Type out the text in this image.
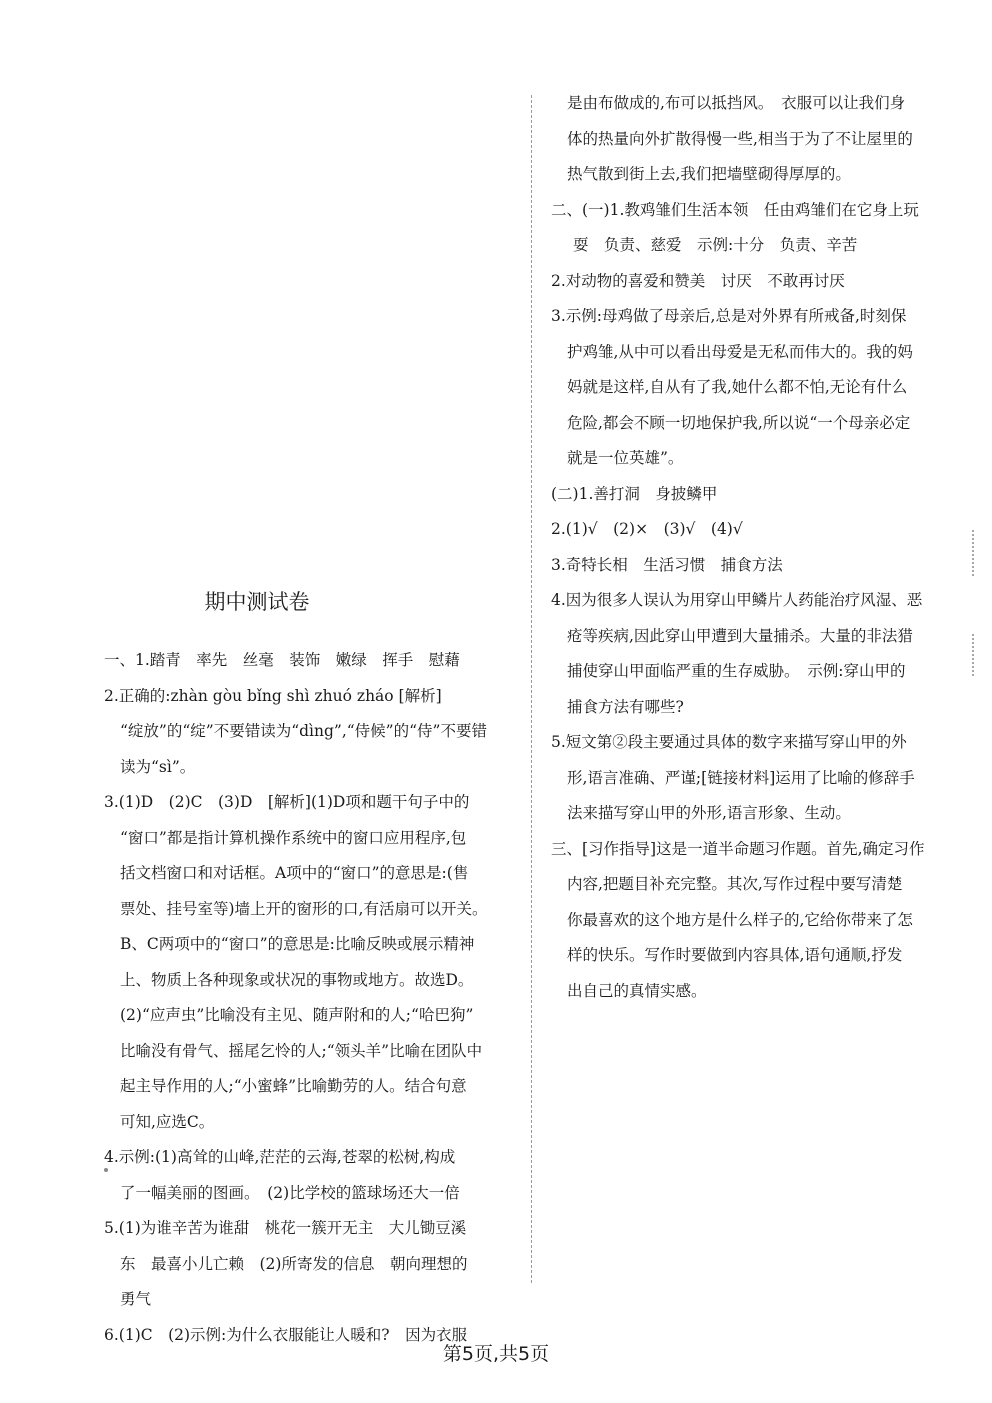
期中测试卷

一、1.踏青　率先　丝毫　装饰　嫩绿　挥手　慰藉

2.正确的:zhàn gòu bǐng shì zhuó zháo [解析]

“绽放”的“绽”不要错读为“dìng”,“侍候”的“侍”不要错

读为“sì”。

3.(1)D　(2)C　(3)D　[解析](1)D项和题干句子中的

“窗口”都是指计算机操作系统中的窗口应用程序,包

括文档窗口和对话框。A项中的“窗口”的意思是:(售

票处、挂号室等)墙上开的窗形的口,有活扇可以开关。

B、C两项中的“窗口”的意思是:比喻反映或展示精神

上、物质上各种现象或状况的事物或地方。故选D。

(2)“应声虫”比喻没有主见、随声附和的人;“哈巴狗”

比喻没有骨气、摇尾乞怜的人;“领头羊”比喻在团队中

起主导作用的人;“小蜜蜂”比喻勤劳的人。结合句意

可知,应选C。

4.示例:(1)高耸的山峰,茫茫的云海,苍翠的松树,构成

了一幅美丽的图画。　(2)比学校的篮球场还大一倍

5.(1)为谁辛苦为谁甜　桃花一簇开无主　大儿锄豆溪

东　最喜小儿亡赖　(2)所寄发的信息　朝向理想的

勇气

6.(1)C　(2)示例:为什么衣服能让人暖和?　因为衣服

是由布做成的,布可以抵挡风。　衣服可以让我们身

体的热量向外扩散得慢一些,相当于为了不让屋里的

热气散到街上去,我们把墙壁砌得厚厚的。

二、(一)1.教鸡雏们生活本领　任由鸡雏们在它身上玩

耍　负责、慈爱　示例:十分　负责、辛苦

2.对动物的喜爱和赞美　讨厌　不敢再讨厌

3.示例:母鸡做了母亲后,总是对外界有所戒备,时刻保

护鸡雏,从中可以看出母爱是无私而伟大的。我的妈

妈就是这样,自从有了我,她什么都不怕,无论有什么

危险,都会不顾一切地保护我,所以说“一个母亲必定

就是一位英雄”。

(二)1.善打洞　身披鳞甲

2.(1)√　(2)×　(3)√　(4)√

3.奇特长相　生活习惯　捕食方法

4.因为很多人误认为用穿山甲鳞片人药能治疗风湿、恶

疮等疾病,因此穿山甲遭到大量捕杀。大量的非法猎

捕使穿山甲面临严重的生存威胁。　示例:穿山甲的

捕食方法有哪些?

5.短文第②段主要通过具体的数字来描写穿山甲的外

形,语言准确、严谨;[链接材料]运用了比喻的修辞手

法来描写穿山甲的外形,语言形象、生动。

三、[习作指导]这是一道半命题习作题。首先,确定习作

内容,把题目补充完整。其次,写作过程中要写清楚

你最喜欢的这个地方是什么样子的,它给你带来了怎

样的快乐。写作时要做到内容具体,语句通顺,抒发

出自己的真情实感。

第5页,共5页
